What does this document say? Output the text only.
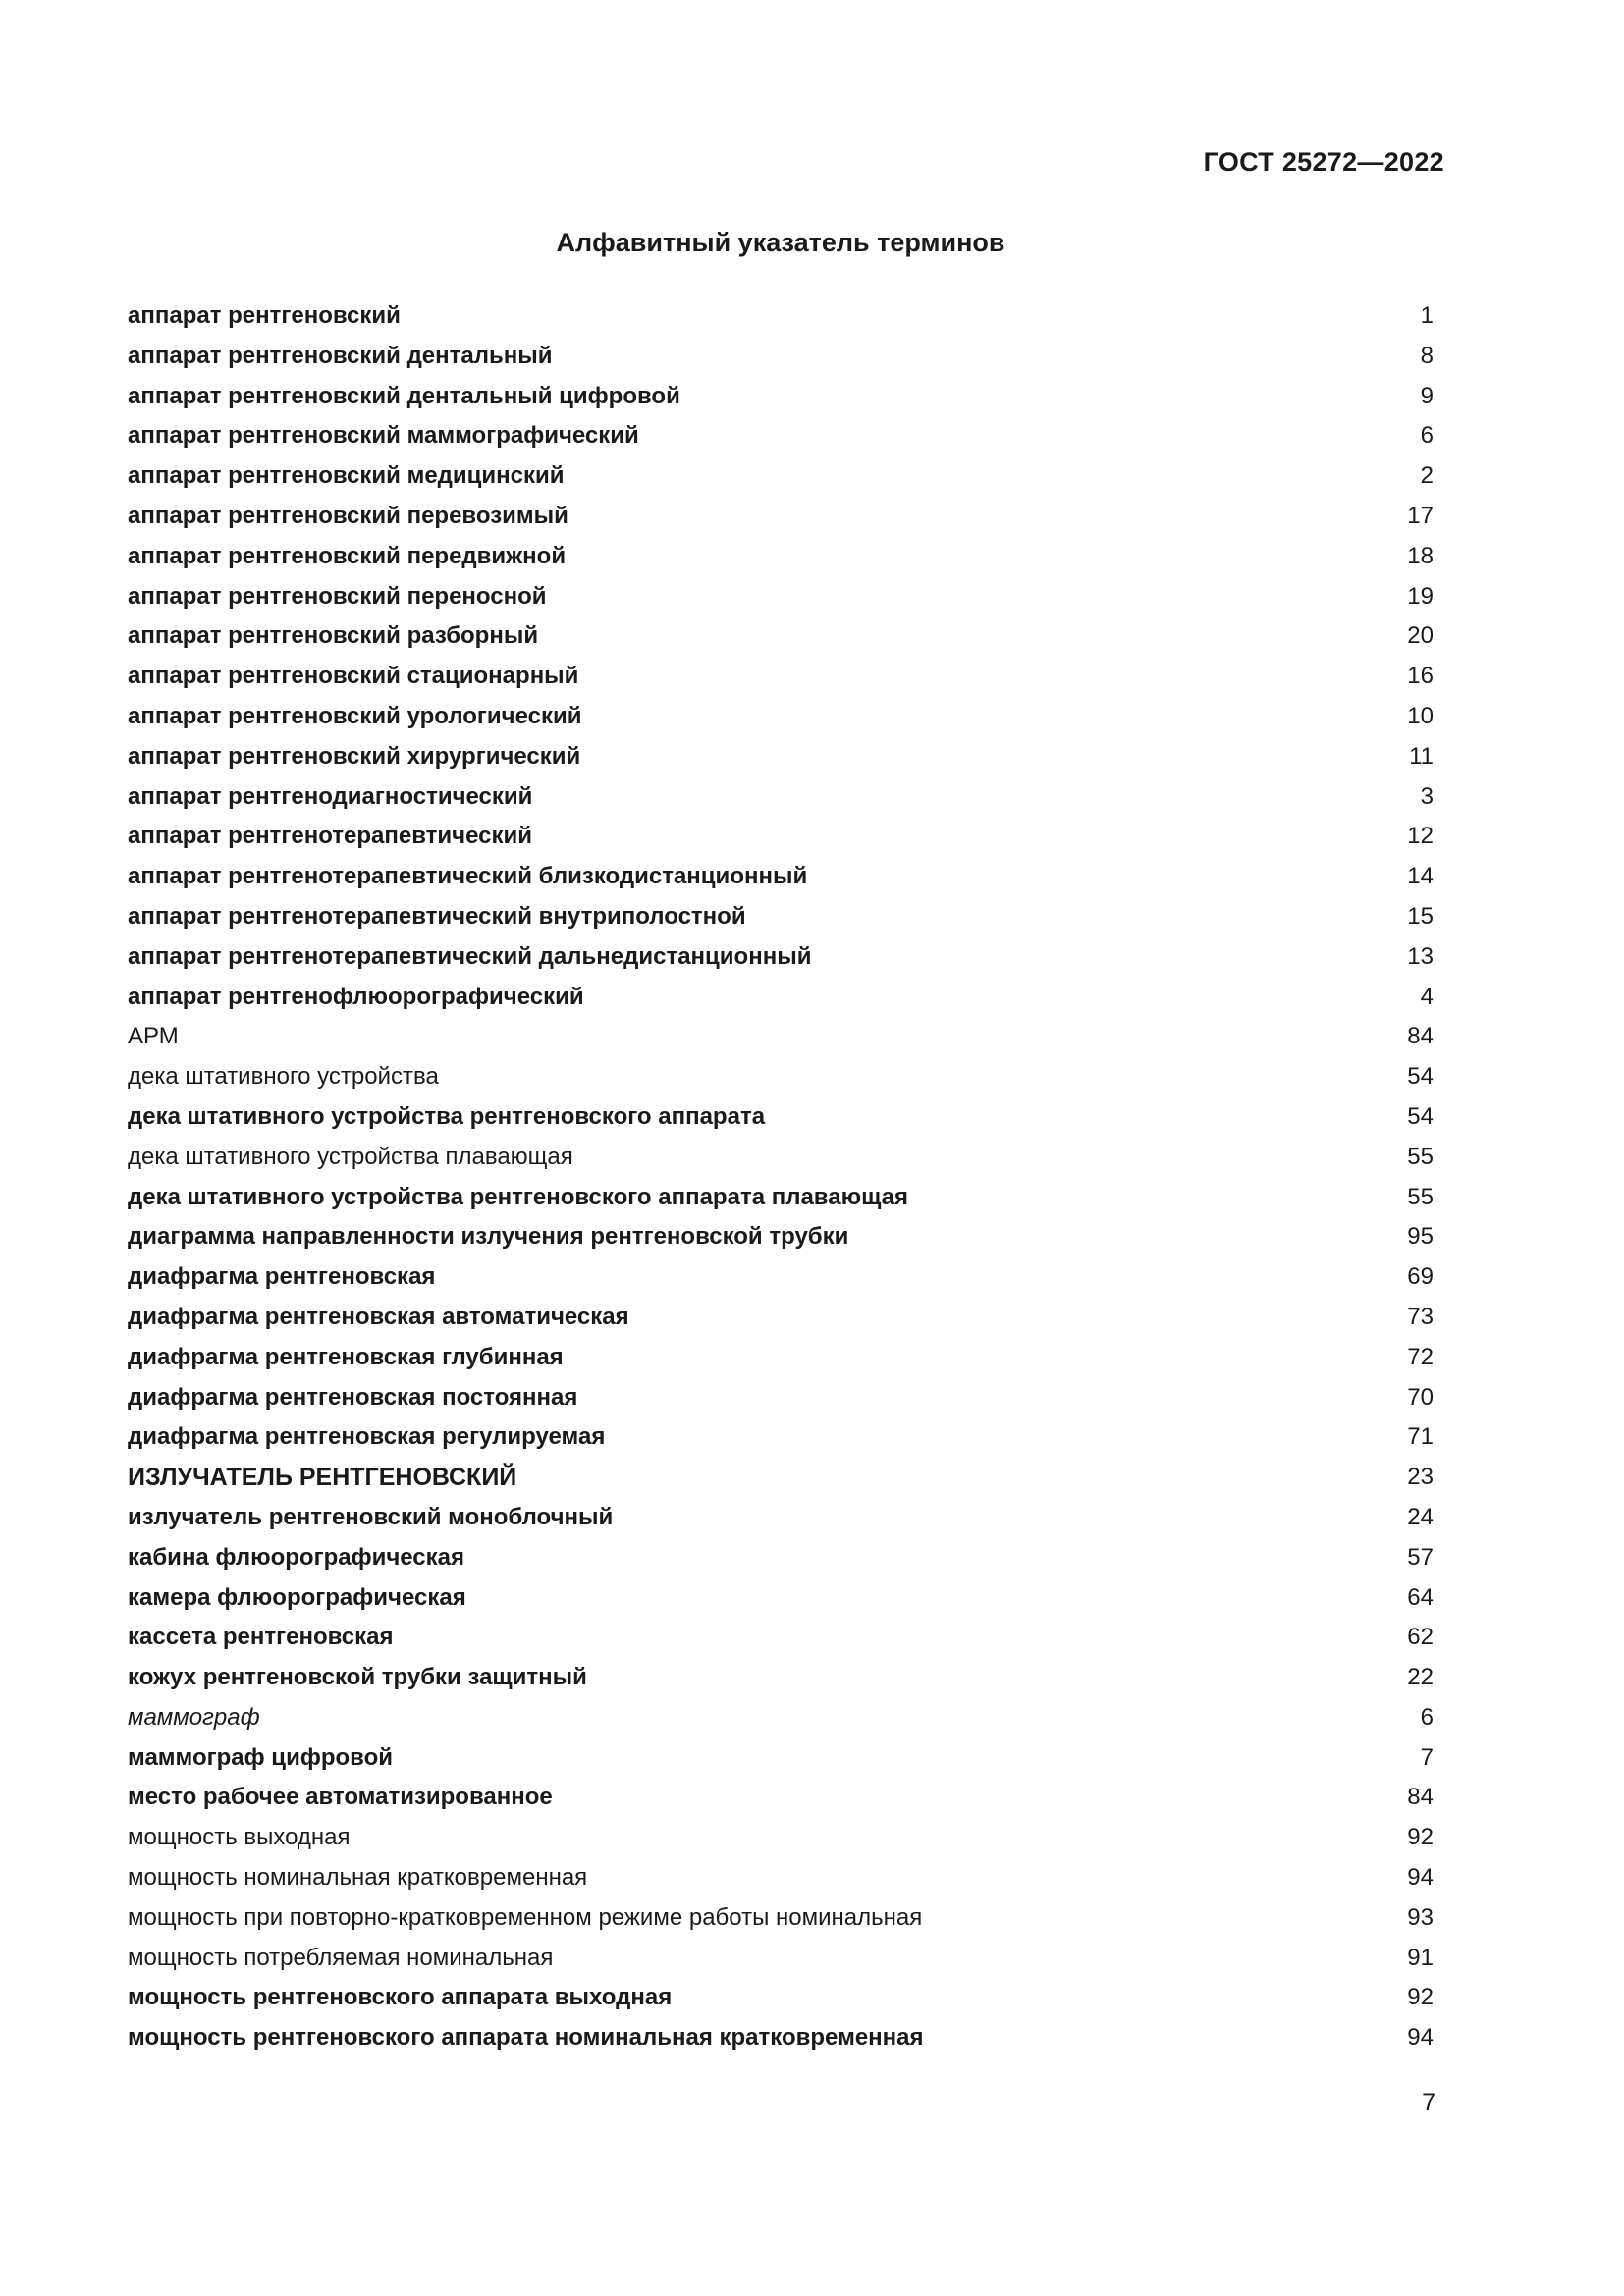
ГОСТ 25272—2022
Алфавитный указатель терминов
аппарат рентгеновский	1
аппарат рентгеновский дентальный	8
аппарат рентгеновский дентальный цифровой	9
аппарат рентгеновский маммографический	6
аппарат рентгеновский медицинский	2
аппарат рентгеновский перевозимый	17
аппарат рентгеновский передвижной	18
аппарат рентгеновский переносной	19
аппарат рентгеновский разборный	20
аппарат рентгеновский стационарный	16
аппарат рентгеновский урологический	10
аппарат рентгеновский хирургический	11
аппарат рентгенодиагностический	3
аппарат рентгенотерапевтический	12
аппарат рентгенотерапевтический близкодистанционный	14
аппарат рентгенотерапевтический внутриполостной	15
аппарат рентгенотерапевтический дальнедистанционный	13
аппарат рентгенофлюорографический	4
АРМ	84
дека штативного устройства	54
дека штативного устройства рентгеновского аппарата	54
дека штативного устройства плавающая	55
дека штативного устройства рентгеновского аппарата плавающая	55
диаграмма направленности излучения рентгеновской трубки	95
диафрагма рентгеновская	69
диафрагма рентгеновская автоматическая	73
диафрагма рентгеновская глубинная	72
диафрагма рентгеновская постоянная	70
диафрагма рентгеновская регулируемая	71
ИЗЛУЧАТЕЛЬ РЕНТГЕНОВСКИЙ	23
излучатель рентгеновский моноблочный	24
кабина флюорографическая	57
камера флюорографическая	64
кассета рентгеновская	62
кожух рентгеновской трубки защитный	22
маммограф	6
маммограф цифровой	7
место рабочее автоматизированное	84
мощность выходная	92
мощность номинальная кратковременная	94
мощность при повторно-кратковременном режиме работы номинальная	93
мощность потребляемая номинальная	91
мощность рентгеновского аппарата выходная	92
мощность рентгеновского аппарата номинальная кратковременная	94
7
